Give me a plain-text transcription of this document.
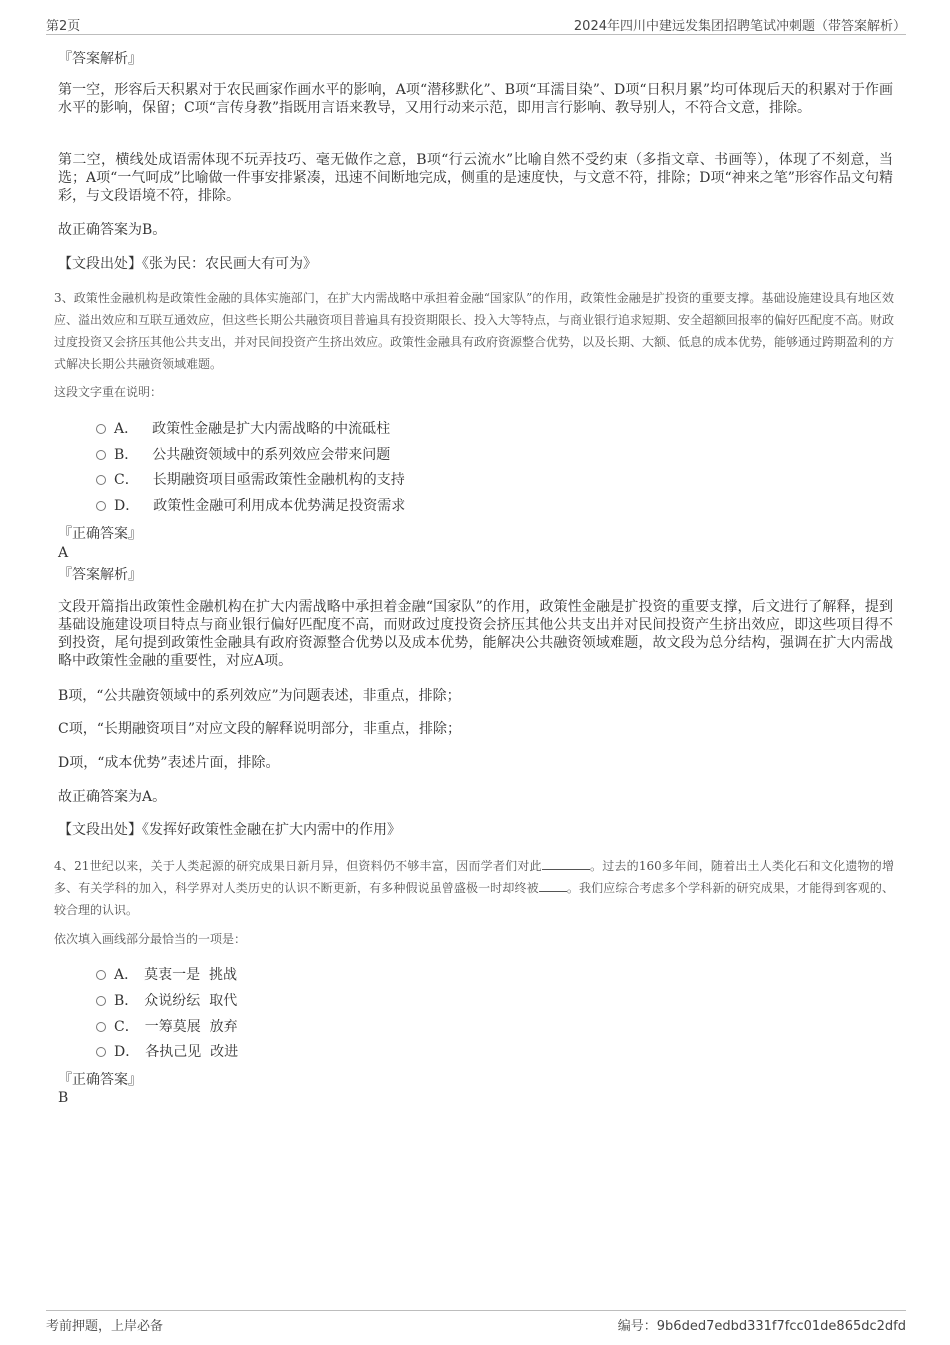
第2页	2024年四川中建远发集团招聘笔试冲刺题（带答案解析）
『答案解析』
第一空，形容后天积累对于农民画家作画水平的影响，A项“潜移默化”、B项“耳濡目染”、D项“日积月累”均可体现后天的积累对于作画水平的影响，保留；C项“言传身教”指既用言语来教导，又用行动来示范，即用言行影响、教导别人，不符合文意，排除。
第二空，横线处成语需体现不玩弄技巧、毫无做作之意，B项“行云流水”比喻自然不受约束（多指文章、书画等），体现了不刻意，当选；A项“一气呵成”比喻做一件事安排紧凑，迅速不间断地完成，侧重的是速度快，与文意不符，排除；D项“神来之笔”形容作品文句精彩，与文段语境不符，排除。
故正确答案为B。
【文段出处】《张为民：农民画大有可为》
3、政策性金融机构是政策性金融的具体实施部门，在扩大内需战略中承担着金融“国家队”的作用，政策性金融是扩投资的重要支撑。基础设施建设具有地区效应、溢出效应和互联互通效应，但这些长期公共融资项目普遍具有投资期限长、投入大等特点，与商业银行追求短期、安全超额回报率的偏好匹配度不高。财政过度投资又会挤压其他公共支出，并对民间投资产生挤出效应。政策性金融具有政府资源整合优势，以及长期、大额、低息的成本优势，能够通过跨期盈利的方式解决长期公共融资领域难题。
这段文字重在说明：
A． 政策性金融是扩大内需战略的中流砥柱
B． 公共融资领域中的系列效应会带来问题
C． 长期融资项目亟需政策性金融机构的支持
D． 政策性金融可利用成本优势满足投资需求
『正确答案』
A
『答案解析』
文段开篇指出政策性金融机构在扩大内需战略中承担着金融“国家队”的作用，政策性金融是扩投资的重要支撑，后文进行了解释，提到基础设施建设项目特点与商业银行偏好匹配度不高，而财政过度投资会挤压其他公共支出并对民间投资产生挤出效应，即这些项目得不到投资，尾句提到政策性金融具有政府资源整合优势以及成本优势，能解决公共融资领域难题，故文段为总分结构，强调在扩大内需战略中政策性金融的重要性，对应A项。
B项，“公共融资领域中的系列效应”为问题表述，非重点，排除；
C项，“长期融资项目”对应文段的解释说明部分，非重点，排除；
D项，“成本优势”表述片面，排除。
故正确答案为A。
【文段出处】《发挥好政策性金融在扩大内需中的作用》
4、21世纪以来，关于人类起源的研究成果日新月异，但资料仍不够丰富，因而学者们对此	。过去的160多年间，随着出土人类化石和文化遗物的增多、有关学科的加入，科学界对人类历史的认识不断更新，有多种假说虽曾盛极一时却终被 。我们应综合考虑多个学科新的研究成果，才能得到客观的、较合理的认识。
依次填入画线部分最恰当的一项是：
A． 莫衷一是  挑战
B． 众说纷纭  取代
C． 一筹莫展  放弃
D． 各执己见  改进
『正确答案』
B
考前押题，上岸必备	编号：9b6ded7edbd331f7fcc01de865dc2dfd
